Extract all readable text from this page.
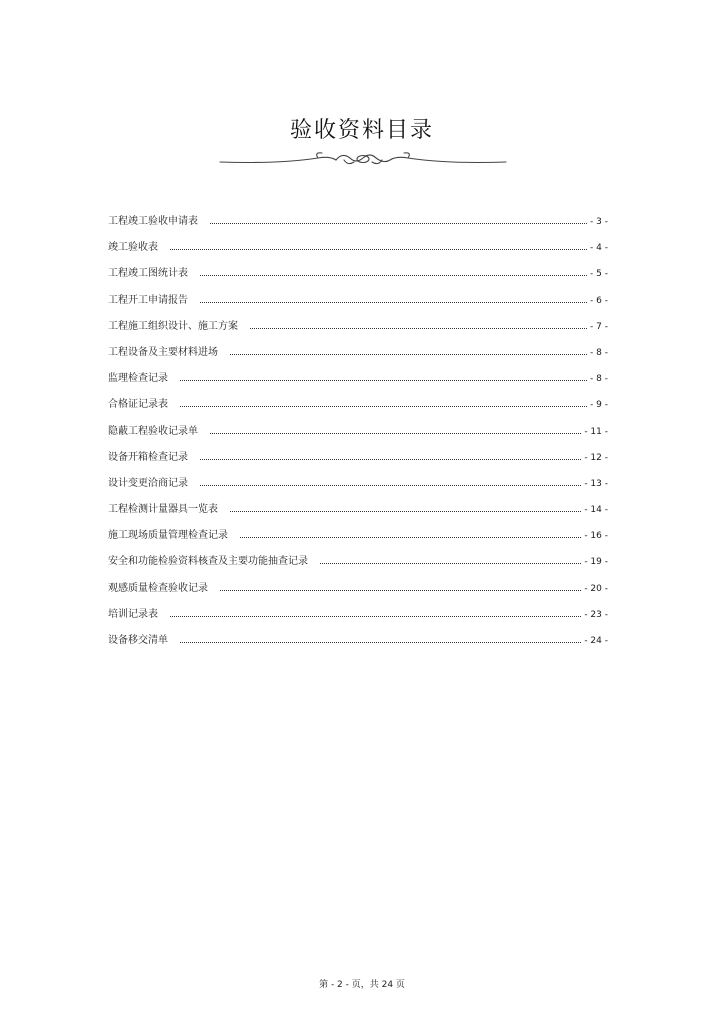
验收资料目录
工程竣工验收申请表	- 3 -
竣工验收表	- 4 -
工程竣工图统计表	- 5 -
工程开工申请报告	- 6 -
工程施工组织设计、施工方案	- 7 -
工程设备及主要材料进场	- 8 -
监理检查记录	- 8 -
合格证记录表	- 9 -
隐蔽工程验收记录单	- 11 -
设备开箱检查记录	- 12 -
设计变更洽商记录	- 13 -
工程检测计量器具一览表	- 14 -
施工现场质量管理检查记录	- 16 -
安全和功能检验资料核查及主要功能抽查记录	- 19 -
观感质量检查验收记录	- 20 -
培训记录表	- 23 -
设备移交清单	- 24 -
第 - 2 - 页，共 24 页
